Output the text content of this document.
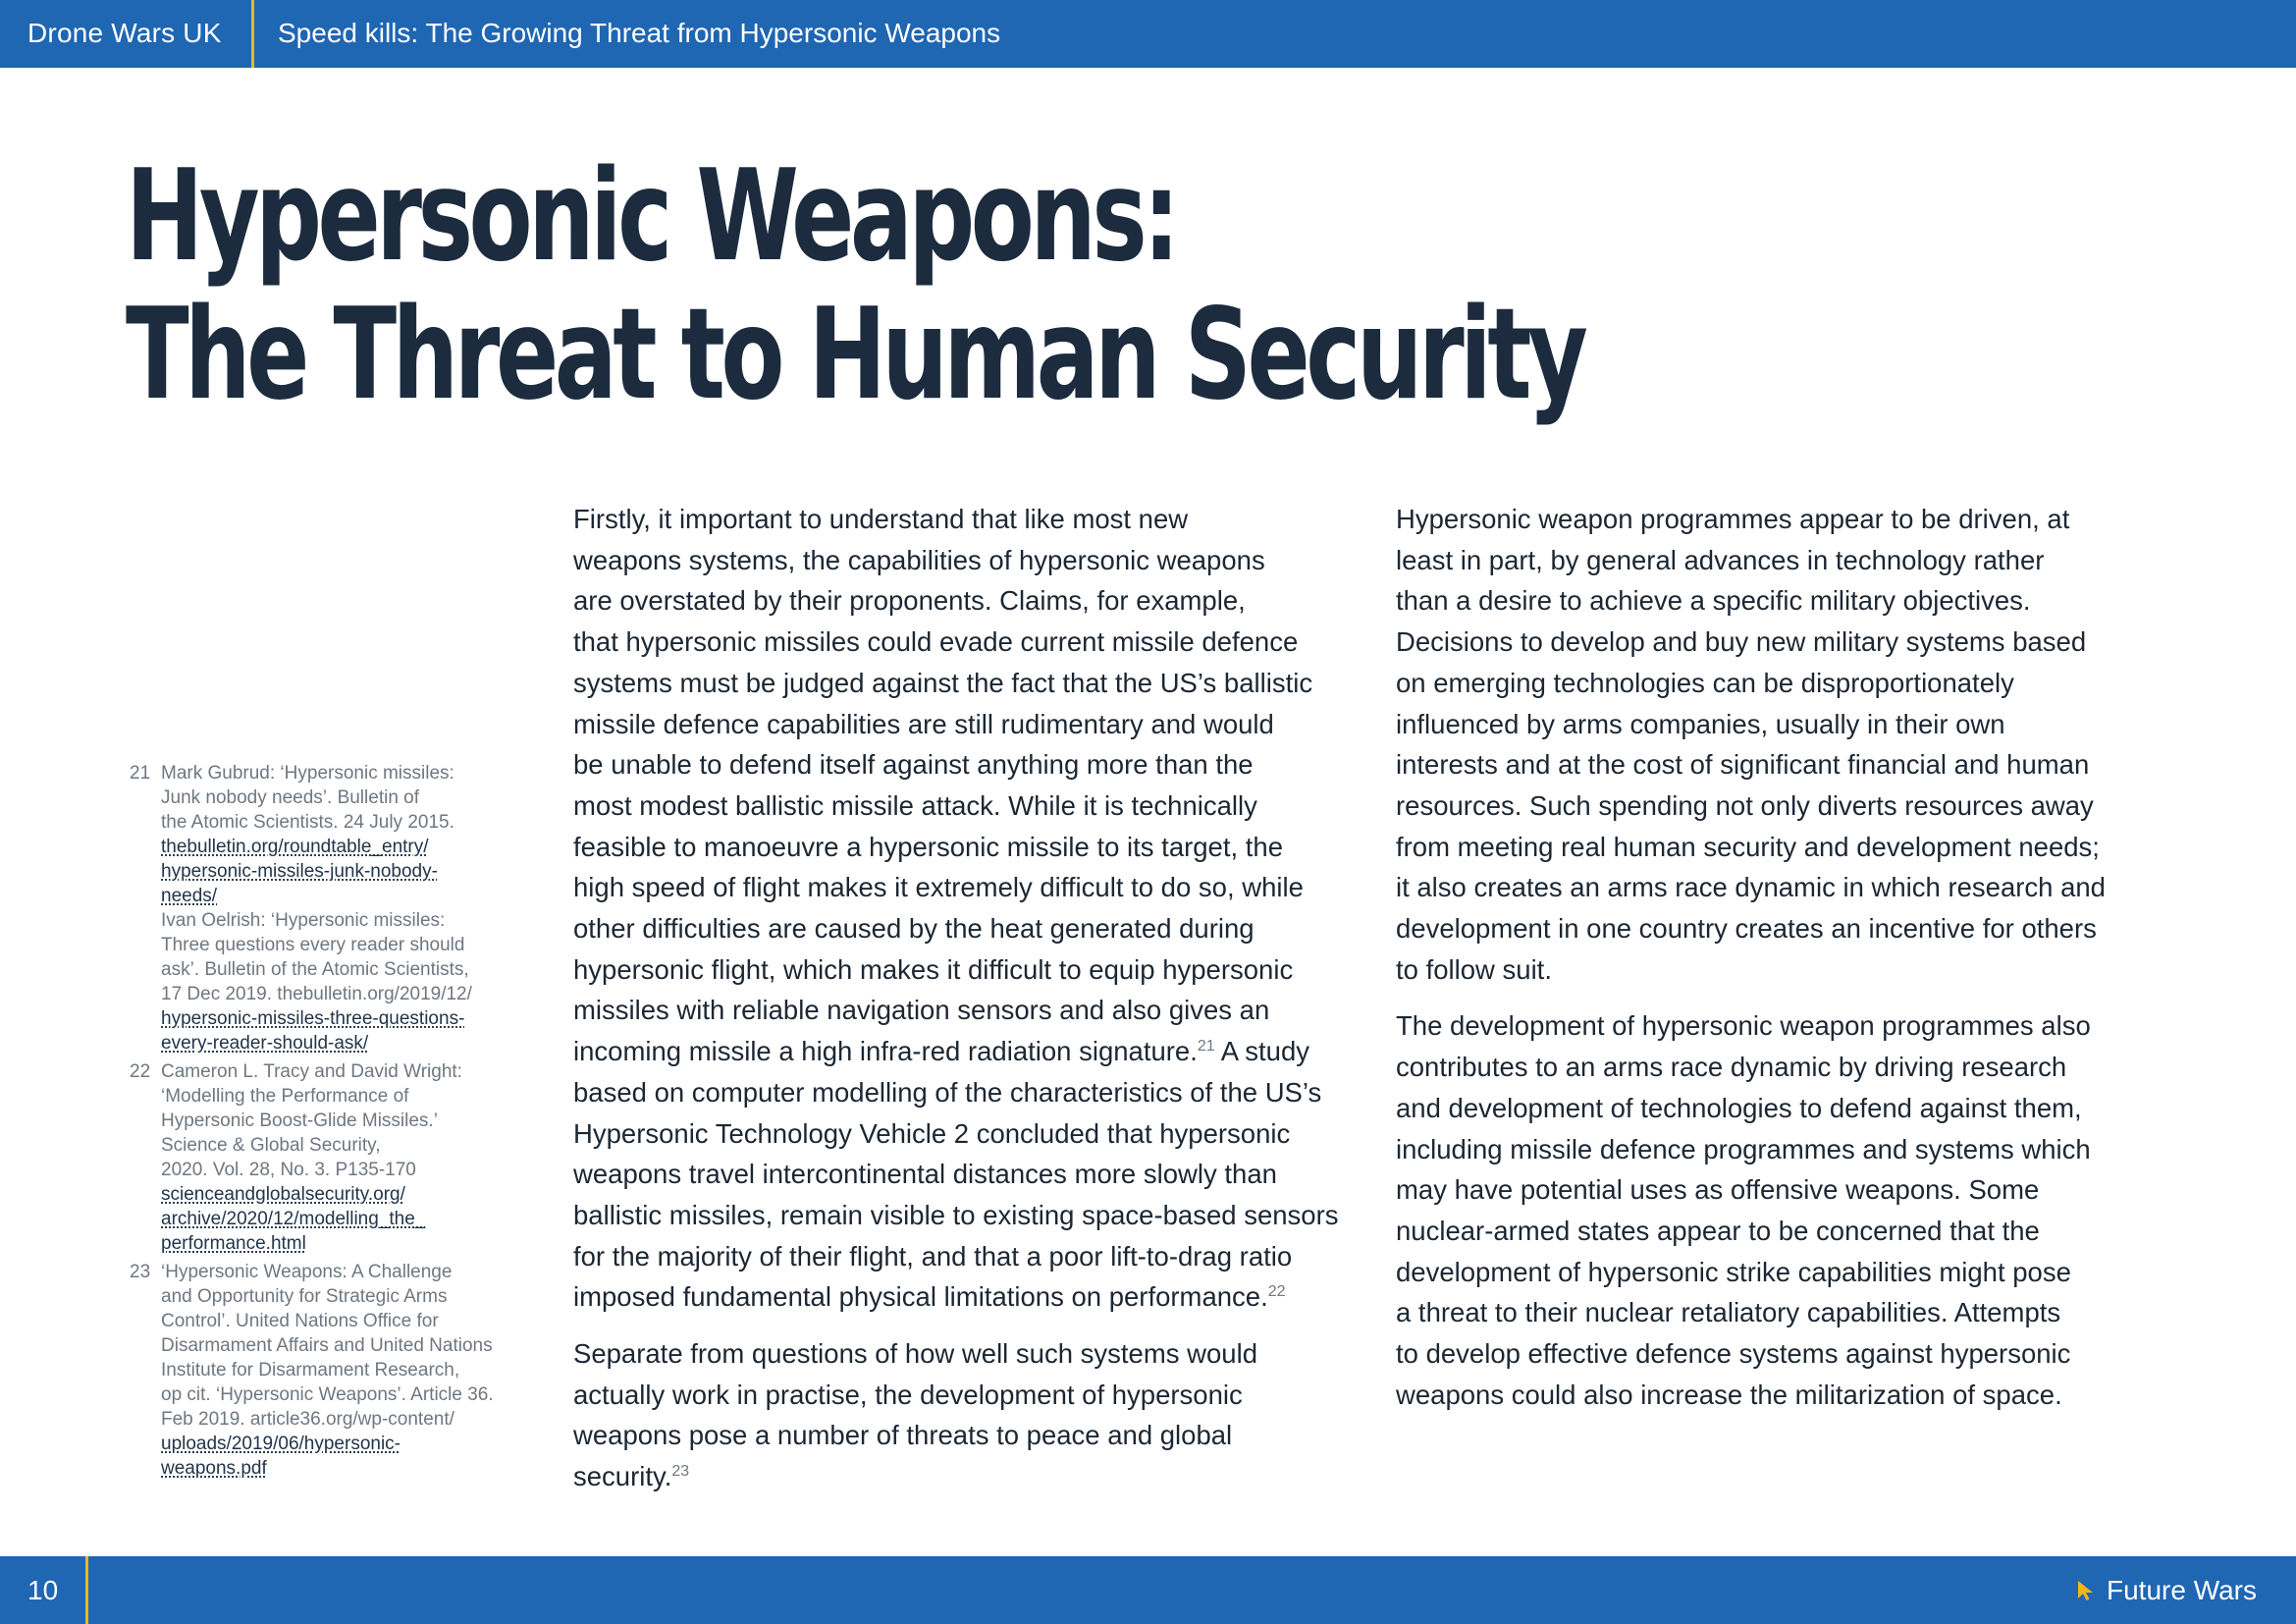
Drone Wars UK Speed kills: The Growing Threat from Hypersonic Weapons
Hypersonic Weapons:
The Threat to Human Security
21 Mark Gubrud: ‘Hypersonic missiles:
Junk nobody needs’. Bulletin of
the Atomic Scientists. 24 July 2015.
thebulletin.org/roundtable_entry/
hypersonic-missiles-junk-nobody-
needs/
Ivan Oelrish: ‘Hypersonic missiles:
Three questions every reader should
ask’. Bulletin of the Atomic Scientists,
17 Dec 2019. thebulletin.org/2019/12/
hypersonic-missiles-three-questions-
every-reader-should-ask/
22 Cameron L. Tracy and David Wright:
‘Modelling the Performance of
Hypersonic Boost-Glide Missiles.’
Science & Global Security,
2020. Vol. 28, No. 3. P135-170
scienceandglobalsecurity.org/
archive/2020/12/modelling_the_
performance.html
23 ‘Hypersonic Weapons: A Challenge
and Opportunity for Strategic Arms
Control’. United Nations Office for
Disarmament Affairs and United Nations
Institute for Disarmament Research,
op cit. ‘Hypersonic Weapons’. Article 36.
Feb 2019. article36.org/wp-content/
uploads/2019/06/hypersonic-
weapons.pdf

Firstly, it important to understand that like most new
weapons systems, the capabilities of hypersonic weapons
are overstated by their proponents. Claims, for example,
that hypersonic missiles could evade current missile defence
systems must be judged against the fact that the US’s ballistic
missile defence capabilities are still rudimentary and would
be unable to defend itself against anything more than the
most modest ballistic missile attack. While it is technically
feasible to manoeuvre a hypersonic missile to its target, the
high speed of flight makes it extremely difficult to do so, while
other difficulties are caused by the heat generated during
hypersonic flight, which makes it difficult to equip hypersonic
missiles with reliable navigation sensors and also gives an
incoming missile a high infra-red radiation signature.$^{21}$ A study
based on computer modelling of the characteristics of the US’s
Hypersonic Technology Vehicle 2 concluded that hypersonic
weapons travel intercontinental distances more slowly than
ballistic missiles, remain visible to existing space-based sensors
for the majority of their flight, and that a poor lift-to-drag ratio
imposed fundamental physical limitations on performance.$^{22}$

Separate from questions of how well such systems would
actually work in practise, the development of hypersonic
weapons pose a number of threats to peace and global
security.$^{23}$

Hypersonic weapon programmes appear to be driven, at
least in part, by general advances in technology rather
than a desire to achieve a specific military objectives.
Decisions to develop and buy new military systems based
on emerging technologies can be disproportionately
influenced by arms companies, usually in their own
interests and at the cost of significant financial and human
resources. Such spending not only diverts resources away
from meeting real human security and development needs;
it also creates an arms race dynamic in which research and
development in one country creates an incentive for others
to follow suit.

The development of hypersonic weapon programmes also
contributes to an arms race dynamic by driving research
and development of technologies to defend against them,
including missile defence programmes and systems which
may have potential uses as offensive weapons. Some
nuclear-armed states appear to be concerned that the
development of hypersonic strike capabilities might pose
a threat to their nuclear retaliatory capabilities. Attempts
to develop effective defence systems against hypersonic
weapons could also increase the militarization of space.

10	Future Wars
